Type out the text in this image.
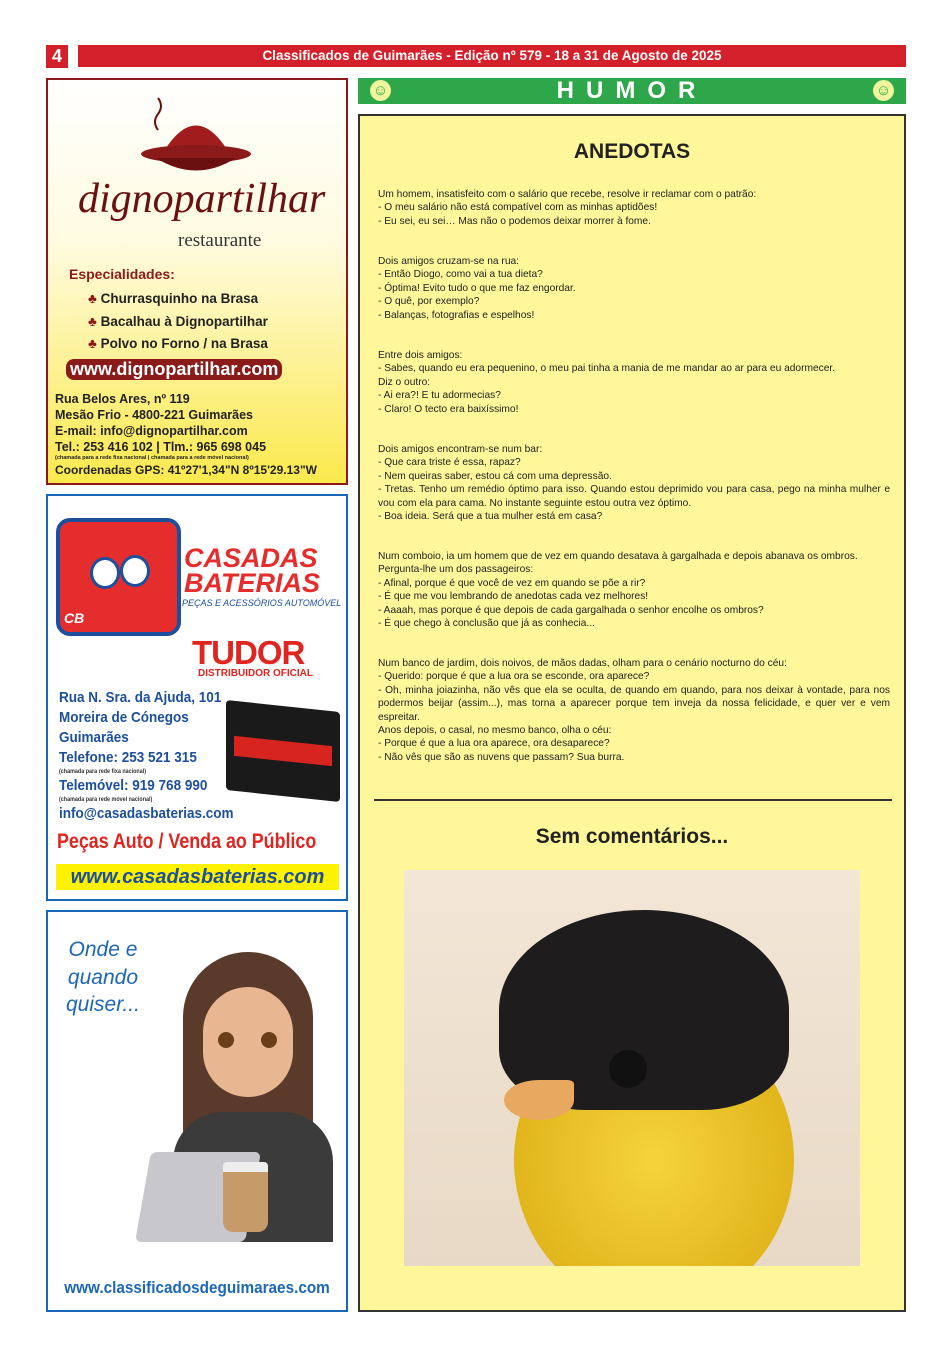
4	Classificados de Guimarães - Edição nº 579 - 18 a 31 de Agosto de 2025
dignopartilhar
restaurante
Especialidades:
♣ Churrasquinho na Brasa
♣ Bacalhau à Dignopartilhar
♣ Polvo no Forno / na Brasa
www.dignopartilhar.com
Rua Belos Ares, nº 119
Mesão Frio - 4800-221 Guimarães
E-mail: info@dignopartilhar.com
Tel.: 253 416 102 | Tlm.: 965 698 045
(chamada para a rede fixa nacional | chamada para a rede móvel nacional)
Coordenadas GPS: 41º27'1,34"N 8º15'29.13"W
CB
CASADAS
BATERIAS
PEÇAS E ACESSÓRIOS AUTOMÓVEL
TUDOR
DISTRIBUIDOR OFICIAL
Rua N. Sra. da Ajuda, 101
Moreira de Cónegos
Guimarães
Telefone: 253 521 315
(chamada para rede fixa nacional)
Telemóvel: 919 768 990
(chamada para rede móvel nacional)
info@casadasbaterias.com
Peças Auto / Venda ao Público
www.casadasbaterias.com
Onde e
quando
quiser...
www.classificadosdeguimaraes.com
☺	HUMOR	☺
ANEDOTAS
Um homem, insatisfeito com o salário que recebe, resolve ir reclamar com o patrão:
- O meu salário não está compatível com as minhas aptidões!
- Eu sei, eu sei… Mas não o podemos deixar morrer à fome.
Dois amigos cruzam-se na rua:
- Então Diogo, como vai a tua dieta?
- Óptima! Evito tudo o que me faz engordar.
- O quê, por exemplo?
- Balanças, fotografias e espelhos!
Entre dois amigos:
- Sabes, quando eu era pequenino, o meu pai tinha a mania de me mandar ao ar para eu adormecer.
Diz o outro:
- Ai era?! E tu adormecias?
- Claro! O tecto era baixíssimo!
Dois amigos encontram-se num bar:
- Que cara triste é essa, rapaz?
- Nem queiras saber, estou cá com uma depressão.
- Tretas. Tenho um remédio óptimo para isso. Quando estou deprimido vou para casa, pego na minha mulher e vou com ela para cama. No instante seguinte estou outra vez óptimo.
- Boa ideia. Será que a tua mulher está em casa?
Num comboio, ia um homem que de vez em quando desatava à gargalhada e depois abanava os ombros.
Pergunta-lhe um dos passageiros:
- Afinal, porque é que você de vez em quando se põe a rir?
- É que me vou lembrando de anedotas cada vez melhores!
- Aaaah, mas porque é que depois de cada gargalhada o senhor encolhe os ombros?
- É que chego à conclusão que já as conhecia...
Num banco de jardim, dois noivos, de mãos dadas, olham para o cenário nocturno do céu:
- Querido: porque é que a lua ora se esconde, ora aparece?
- Oh, minha joiazinha, não vês que ela se oculta, de quando em quando, para nos deixar à vontade, para nos podermos beijar (assim...), mas torna a aparecer porque tem inveja da nossa felicidade, e quer ver e vem espreitar.
Anos depois, o casal, no mesmo banco, olha o céu:
- Porque é que a lua ora aparece, ora desaparece?
- Não vês que são as nuvens que passam? Sua burra.
Sem comentários...
